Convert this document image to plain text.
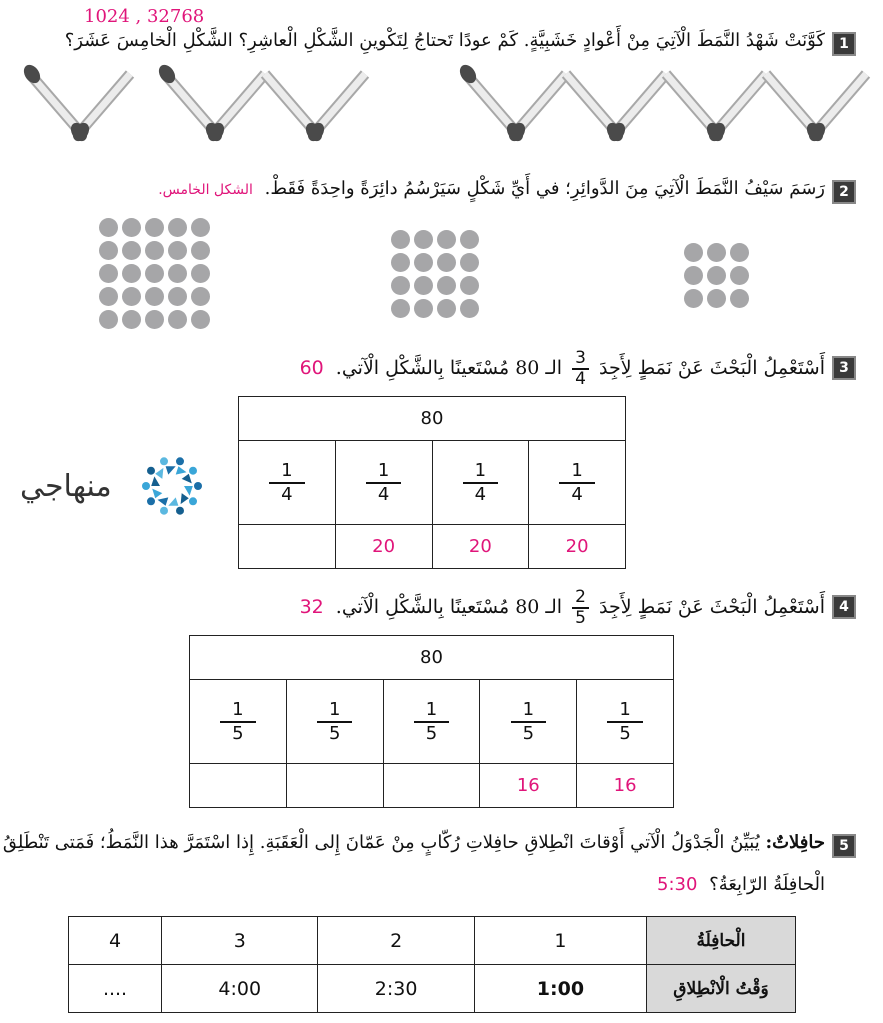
1024 , 32768
1
كَوَّنَتْ شَهْدُ النَّمَطَ الْآتِيَ مِنْ أَعْوادٍ خَشَبِيَّةٍ. كَمْ عودًا تَحتاجُ لِتَكْوينِ الشَّكْلِ الْعاشِرِ؟ الشَّكْلِ الْخامِسَ عَشَرَ؟
2
رَسَمَ سَيْفُ النَّمَطَ الْآتِيَ مِنَ الدَّوائِرِ؛ في أَيِّ شَكْلٍ سَيَرْسُمُ دائِرَةً واحِدَةً فَقَطْ. الشكل الخامس.
3
أَسْتَعْمِلُ الْبَحْثَ عَنْ نَمَطٍ لِأَجِدَ
$\frac{3}{4}$
الـ 80 مُسْتَعينًا بِالشَّكْلِ الْآتي. 60
80			

$\frac{1}{4}$	$\frac{1}{4}$	$\frac{1}{4}$	$\frac{1}{4}$

	20	20	20
منهاجي
4
أَسْتَعْمِلُ الْبَحْثَ عَنْ نَمَطٍ لِأَجِدَ
$\frac{2}{5}$
الـ 80 مُسْتَعينًا بِالشَّكْلِ الْآتي. 32
80				

$\frac{1}{5}$	$\frac{1}{5}$	$\frac{1}{5}$	$\frac{1}{5}$	$\frac{1}{5}$

			16	16
5
حافِلاتٌ: يُبَيِّنُ الْجَدْوَلُ الْآتي أَوْقاتَ انْطِلاقِ حافِلاتِ رُكّابٍ مِنْ عَمّانَ إِلى الْعَقَبَةِ. إِذا اسْتَمَرَّ هذا النَّمَطُ؛ فَمَتى تَنْطَلِقُ
الْحافِلَةُ الرّابِعَةُ؟ 5:30
4	3	2	1	الْحافِلَةُ
....	4:00	2:30	1:00	وَقْتُ الْانْطِلاقِ
